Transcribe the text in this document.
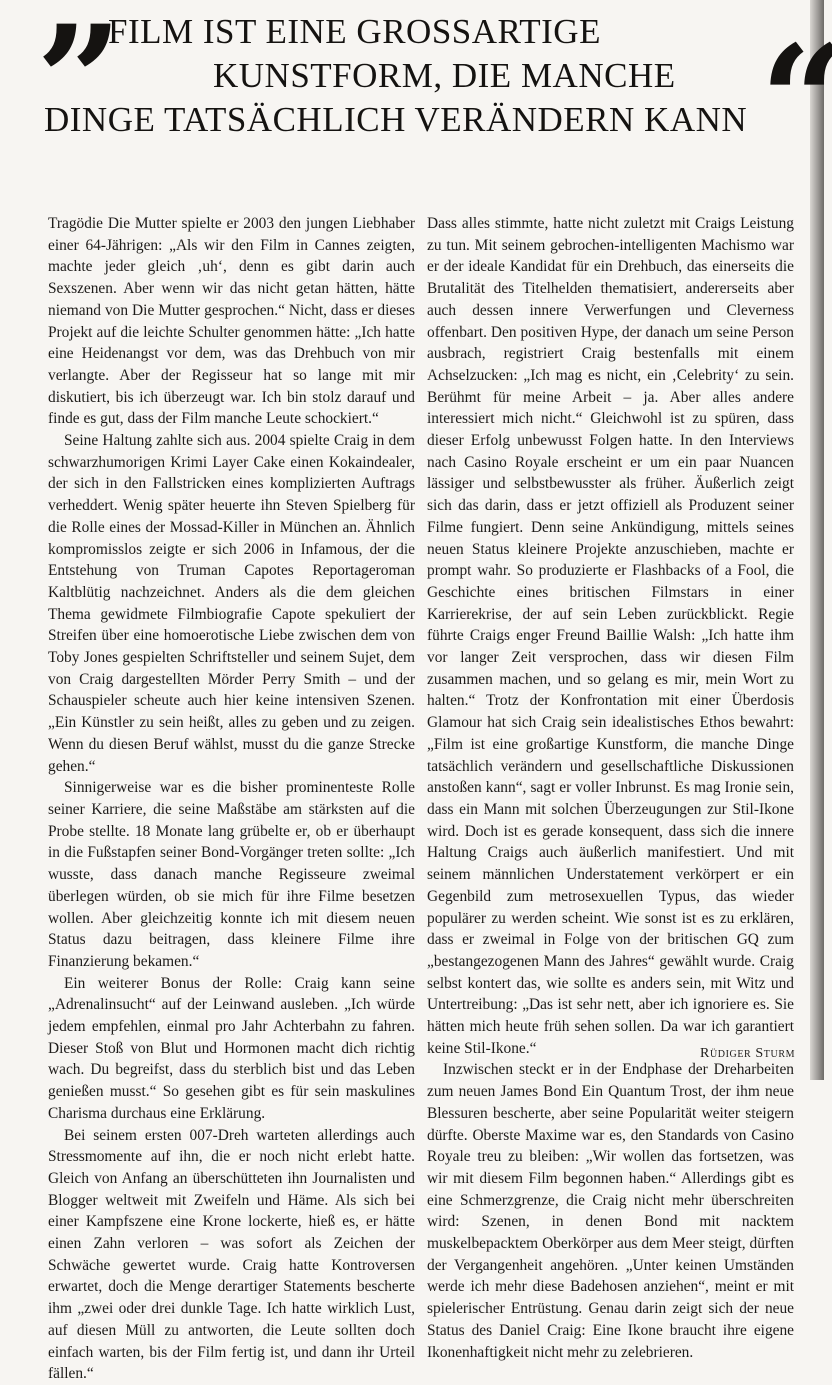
” FILM IST EINE GROSSARTIGE
KUNSTFORM, DIE MANCHE
DINGE TATSÄCHLICH VERÄNDERN KANN “

Tragödie Die Mutter spielte er 2003 den jungen Liebhaber einer 64-Jährigen: „Als wir den Film in Cannes zeigten, machte jeder gleich ‚uh‘, denn es gibt darin auch Sexszenen. Aber wenn wir das nicht getan hätten, hätte niemand von Die Mutter gesprochen.“ Nicht, dass er dieses Projekt auf die leichte Schulter genommen hätte: „Ich hatte eine Heidenangst vor dem, was das Drehbuch von mir verlangte. Aber der Regisseur hat so lange mit mir diskutiert, bis ich überzeugt war. Ich bin stolz darauf und finde es gut, dass der Film manche Leute schockiert.“

Seine Haltung zahlte sich aus. 2004 spielte Craig in dem schwarzhumorigen Krimi Layer Cake einen Kokaindealer, der sich in den Fallstricken eines komplizierten Auftrags verheddert. Wenig später heuerte ihn Steven Spielberg für die Rolle eines der Mossad-Killer in München an. Ähnlich kompromisslos zeigte er sich 2006 in Infamous, der die Entstehung von Truman Capotes Reportageroman Kaltblütig nachzeichnet. Anders als die dem gleichen Thema gewidmete Filmbiografie Capote spekuliert der Streifen über eine homoerotische Liebe zwischen dem von Toby Jones gespielten Schriftsteller und seinem Sujet, dem von Craig dargestellten Mörder Perry Smith – und der Schauspieler scheute auch hier keine intensiven Szenen. „Ein Künstler zu sein heißt, alles zu geben und zu zeigen. Wenn du diesen Beruf wählst, musst du die ganze Strecke gehen.“

Sinnigerweise war es die bisher prominenteste Rolle seiner Karriere, die seine Maßstäbe am stärksten auf die Probe stellte. 18 Monate lang grübelte er, ob er überhaupt in die Fußstapfen seiner Bond-Vorgänger treten sollte: „Ich wusste, dass danach manche Regisseure zweimal überlegen würden, ob sie mich für ihre Filme besetzen wollen. Aber gleichzeitig konnte ich mit diesem neuen Status dazu beitragen, dass kleinere Filme ihre Finanzierung bekamen.“

Ein weiterer Bonus der Rolle: Craig kann seine „Adrenalinsucht“ auf der Leinwand ausleben. „Ich würde jedem empfehlen, einmal pro Jahr Achterbahn zu fahren. Dieser Stoß von Blut und Hormonen macht dich richtig wach. Du begreifst, dass du sterblich bist und das Leben genießen musst.“ So gesehen gibt es für sein maskulines Charisma durchaus eine Erklärung.

Bei seinem ersten 007-Dreh warteten allerdings auch Stressmomente auf ihn, die er noch nicht erlebt hatte. Gleich von Anfang an überschütteten ihn Journalisten und Blogger weltweit mit Zweifeln und Häme. Als sich bei einer Kampfszene eine Krone lockerte, hieß es, er hätte einen Zahn verloren – was sofort als Zeichen der Schwäche gewertet wurde. Craig hatte Kontroversen erwartet, doch die Menge derartiger Statements bescherte ihm „zwei oder drei dunkle Tage. Ich hatte wirklich Lust, auf diesen Müll zu antworten, die Leute sollten doch einfach warten, bis der Film fertig ist, und dann ihr Urteil fällen.“

Dass alles stimmte, hatte nicht zuletzt mit Craigs Leistung zu tun. Mit seinem gebrochen-intelligenten Machismo war er der ideale Kandidat für ein Drehbuch, das einerseits die Brutalität des Titelhelden thematisiert, andererseits aber auch dessen innere Verwerfungen und Cleverness offenbart. Den positiven Hype, der danach um seine Person ausbrach, registriert Craig bestenfalls mit einem Achselzucken: „Ich mag es nicht, ein ‚Celebrity‘ zu sein. Berühmt für meine Arbeit – ja. Aber alles andere interessiert mich nicht.“ Gleichwohl ist zu spüren, dass dieser Erfolg unbewusst Folgen hatte. In den Interviews nach Casino Royale erscheint er um ein paar Nuancen lässiger und selbstbewusster als früher. Äußerlich zeigt sich das darin, dass er jetzt offiziell als Produzent seiner Filme fungiert. Denn seine Ankündigung, mittels seines neuen Status kleinere Projekte anzuschieben, machte er prompt wahr. So produzierte er Flashbacks of a Fool, die Geschichte eines britischen Filmstars in einer Karrierekrise, der auf sein Leben zurückblickt. Regie führte Craigs enger Freund Baillie Walsh: „Ich hatte ihm vor langer Zeit versprochen, dass wir diesen Film zusammen machen, und so gelang es mir, mein Wort zu halten.“ Trotz der Konfrontation mit einer Überdosis Glamour hat sich Craig sein idealistisches Ethos bewahrt: „Film ist eine großartige Kunstform, die manche Dinge tatsächlich verändern und gesellschaftliche Diskussionen anstoßen kann“, sagt er voller Inbrunst. Es mag Ironie sein, dass ein Mann mit solchen Überzeugungen zur Stil-Ikone wird. Doch ist es gerade konsequent, dass sich die innere Haltung Craigs auch äußerlich manifestiert. Und mit seinem männlichen Understatement verkörpert er ein Gegenbild zum metrosexuellen Typus, das wieder populärer zu werden scheint. Wie sonst ist es zu erklären, dass er zweimal in Folge von der britischen GQ zum „bestangezogenen Mann des Jahres“ gewählt wurde. Craig selbst kontert das, wie sollte es anders sein, mit Witz und Untertreibung: „Das ist sehr nett, aber ich ignoriere es. Sie hätten mich heute früh sehen sollen. Da war ich garantiert keine Stil-Ikone.“

Inzwischen steckt er in der Endphase der Dreharbeiten zum neuen James Bond Ein Quantum Trost, der ihm neue Blessuren bescherte, aber seine Popularität weiter steigern dürfte. Oberste Maxime war es, den Standards von Casino Royale treu zu bleiben: „Wir wollen das fortsetzen, was wir mit diesem Film begonnen haben.“ Allerdings gibt es eine Schmerzgrenze, die Craig nicht mehr überschreiten wird: Szenen, in denen Bond mit nacktem muskelbepacktem Oberkörper aus dem Meer steigt, dürften der Vergangenheit angehören. „Unter keinen Umständen werde ich mehr diese Badehosen anziehen“, meint er mit spielerischer Entrüstung. Genau darin zeigt sich der neue Status des Daniel Craig: Eine Ikone braucht ihre eigene Ikonenhaftigkeit nicht mehr zu zelebrieren.

Rüdiger Sturm
